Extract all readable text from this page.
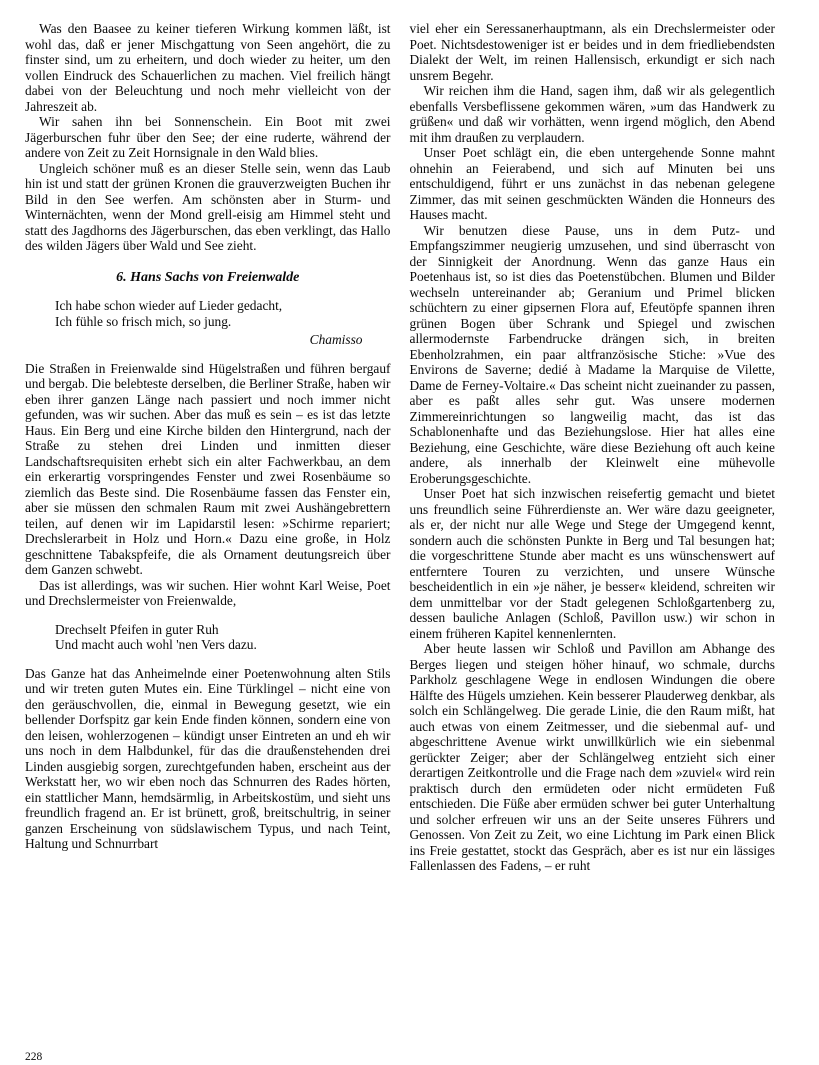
Was den Baasee zu keiner tieferen Wirkung kommen läßt, ist wohl das, daß er jener Mischgattung von Seen angehört, die zu finster sind, um zu erheitern, und doch wieder zu heiter, um den vollen Eindruck des Schauerlichen zu machen. Viel freilich hängt dabei von der Beleuchtung und noch mehr vielleicht von der Jahreszeit ab.

Wir sahen ihn bei Sonnenschein. Ein Boot mit zwei Jägerburschen fuhr über den See; der eine ruderte, während der andere von Zeit zu Zeit Hornsignale in den Wald blies.

Ungleich schöner muß es an dieser Stelle sein, wenn das Laub hin ist und statt der grünen Kronen die grauverzweigten Buchen ihr Bild in den See werfen. Am schönsten aber in Sturm- und Winternächten, wenn der Mond grell-eisig am Himmel steht und statt des Jagdhorns des Jägerburschen, das eben verklingt, das Hallo des wilden Jägers über Wald und See zieht.

6. Hans Sachs von Freienwalde
Ich habe schon wieder auf Lieder gedacht,
Ich fühle so frisch mich, so jung.
Chamisso

Die Straßen in Freienwalde sind Hügelstraßen und führen bergauf und bergab. Die belebteste derselben, die Berliner Straße, haben wir eben ihrer ganzen Länge nach passiert und noch immer nicht gefunden, was wir suchen. Aber das muß es sein – es ist das letzte Haus. Ein Berg und eine Kirche bilden den Hintergrund, nach der Straße zu stehen drei Linden und inmitten dieser Landschaftsrequisiten erhebt sich ein alter Fachwerkbau, an dem ein erkerartig vorspringendes Fenster und zwei Rosenbäume so ziemlich das Beste sind. Die Rosenbäume fassen das Fenster ein, aber sie müssen den schmalen Raum mit zwei Aushängebrettern teilen, auf denen wir im Lapidarstil lesen: »Schirme repariert; Drechslerarbeit in Holz und Horn.« Dazu eine große, in Holz geschnittene Tabakspfeife, die als Ornament deutungsreich über dem Ganzen schwebt.

Das ist allerdings, was wir suchen. Hier wohnt Karl Weise, Poet und Drechslermeister von Freienwalde,

Drechselt Pfeifen in guter Ruh
Und macht auch wohl 'nen Vers dazu.

Das Ganze hat das Anheimelnde einer Poetenwohnung alten Stils und wir treten guten Mutes ein. Eine Türklingel – nicht eine von den geräuschvollen, die, einmal in Bewegung gesetzt, wie ein bellender Dorfspitz gar kein Ende finden können, sondern eine von den leisen, wohlerzogenen – kündigt unser Eintreten an und eh wir uns noch in dem Halbdunkel, für das die draußenstehenden drei Linden ausgiebig sorgen, zurechtgefunden haben, erscheint aus der Werkstatt her, wo wir eben noch das Schnurren des Rades hörten, ein stattlicher Mann, hemdsärmlig, in Arbeitskostüm, und sieht uns freundlich fragend an. Er ist brünett, groß, breitschultrig, in seiner ganzen Erscheinung von südslawischem Typus, und nach Teint, Haltung und Schnurrbart

viel eher ein Seressanerhauptmann, als ein Drechslermeister oder Poet. Nichtsdestoweniger ist er beides und in dem friedliebendsten Dialekt der Welt, im reinen Hallensisch, erkundigt er sich nach unsrem Begehr.

Wir reichen ihm die Hand, sagen ihm, daß wir als gelegentlich ebenfalls Versbeflissene gekommen wären, »um das Handwerk zu grüßen« und daß wir vorhätten, wenn irgend möglich, den Abend mit ihm draußen zu verplaudern.

Unser Poet schlägt ein, die eben untergehende Sonne mahnt ohnehin an Feierabend, und sich auf Minuten bei uns entschuldigend, führt er uns zunächst in das nebenan gelegene Zimmer, das mit seinen geschmückten Wänden die Honneurs des Hauses macht.

Wir benutzen diese Pause, uns in dem Putz- und Empfangszimmer neugierig umzusehen, und sind überrascht von der Sinnigkeit der Anordnung. Wenn das ganze Haus ein Poetenhaus ist, so ist dies das Poetenstübchen. Blumen und Bilder wechseln untereinander ab; Geranium und Primel blicken schüchtern zu einer gipsernen Flora auf, Efeutöpfe spannen ihren grünen Bogen über Schrank und Spiegel und zwischen allermodernste Farbendrucke drängen sich, in breiten Ebenholzrahmen, ein paar altfranzösische Stiche: »Vue des Environs de Saverne; dedié à Madame la Marquise de Vilette, Dame de Ferney-Voltaire.« Das scheint nicht zueinander zu passen, aber es paßt alles sehr gut. Was unsere modernen Zimmereinrichtungen so langweilig macht, das ist das Schablonenhafte und das Beziehungslose. Hier hat alles eine Beziehung, eine Geschichte, wäre diese Beziehung oft auch keine andere, als innerhalb der Kleinwelt eine mühevolle Eroberungsgeschichte.

Unser Poet hat sich inzwischen reisefertig gemacht und bietet uns freundlich seine Führerdienste an. Wer wäre dazu geeigneter, als er, der nicht nur alle Wege und Stege der Umgegend kennt, sondern auch die schönsten Punkte in Berg und Tal besungen hat; die vorgeschrittene Stunde aber macht es uns wünschenswert auf entferntere Touren zu verzichten, und unsere Wünsche bescheidentlich in ein »je näher, je besser« kleidend, schreiten wir dem unmittelbar vor der Stadt gelegenen Schloßgartenberg zu, dessen bauliche Anlagen (Schloß, Pavillon usw.) wir schon in einem früheren Kapitel kennenlernten.

Aber heute lassen wir Schloß und Pavillon am Abhange des Berges liegen und steigen höher hinauf, wo schmale, durchs Parkholz geschlagene Wege in endlosen Windungen die obere Hälfte des Hügels umziehen. Kein besserer Plauderweg denkbar, als solch ein Schlängelweg. Die gerade Linie, die den Raum mißt, hat auch etwas von einem Zeitmesser, und die siebenmal auf- und abgeschrittene Avenue wirkt unwillkürlich wie ein siebenmal gerückter Zeiger; aber der Schlängelweg entzieht sich einer derartigen Zeitkontrolle und die Frage nach dem »zuviel« wird rein praktisch durch den ermüdeten oder nicht ermüdeten Fuß entschieden. Die Füße aber ermüden schwer bei guter Unterhaltung und solcher erfreuen wir uns an der Seite unseres Führers und Genossen. Von Zeit zu Zeit, wo eine Lichtung im Park einen Blick ins Freie gestattet, stockt das Gespräch, aber es ist nur ein lässiges Fallenlassen des Fadens, – er ruht

228
